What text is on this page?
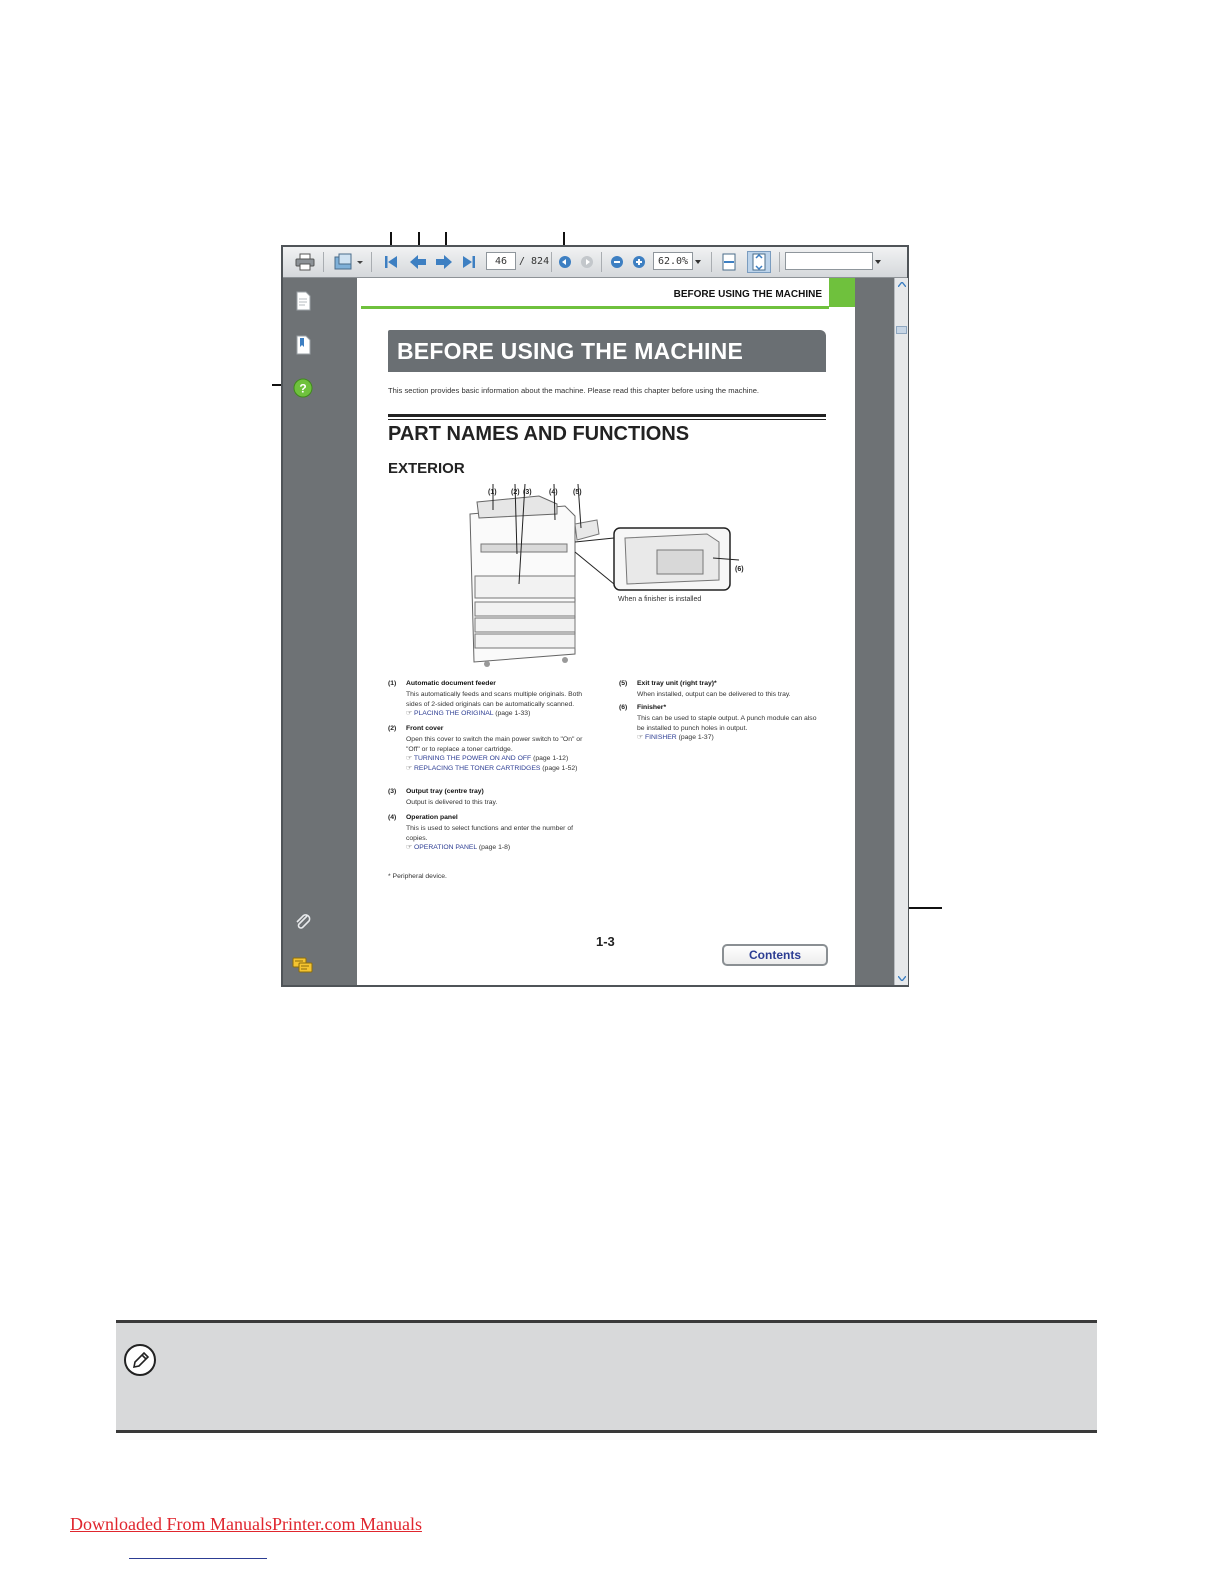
46	/ 824	62.0%
?
BEFORE USING THE MACHINE
BEFORE USING THE MACHINE
This section provides basic information about the machine. Please read this chapter before using the machine.
PART NAMES AND FUNCTIONS
EXTERIOR
(1) (2) (3) (4) (5)
(6)
When a finisher is installed
(1) Automatic document feeder
This automatically feeds and scans multiple originals. Both sides of 2-sided originals can be automatically scanned.
☞ PLACING THE ORIGINAL (page 1-33)
(2) Front cover
Open this cover to switch the main power switch to "On" or "Off" or to replace a toner cartridge.
☞ TURNING THE POWER ON AND OFF (page 1-12)
☞ REPLACING THE TONER CARTRIDGES (page 1-52)
(3) Output tray (centre tray)
Output is delivered to this tray.
(4) Operation panel
This is used to select functions and enter the number of copies.
☞ OPERATION PANEL (page 1-8)
(5) Exit tray unit (right tray)*
When installed, output can be delivered to this tray.
(6) Finisher*
This can be used to staple output. A punch module can also be installed to punch holes in output.
☞ FINISHER (page 1-37)
* Peripheral device.
1-3
Contents
Downloaded From ManualsPrinter.com Manuals
